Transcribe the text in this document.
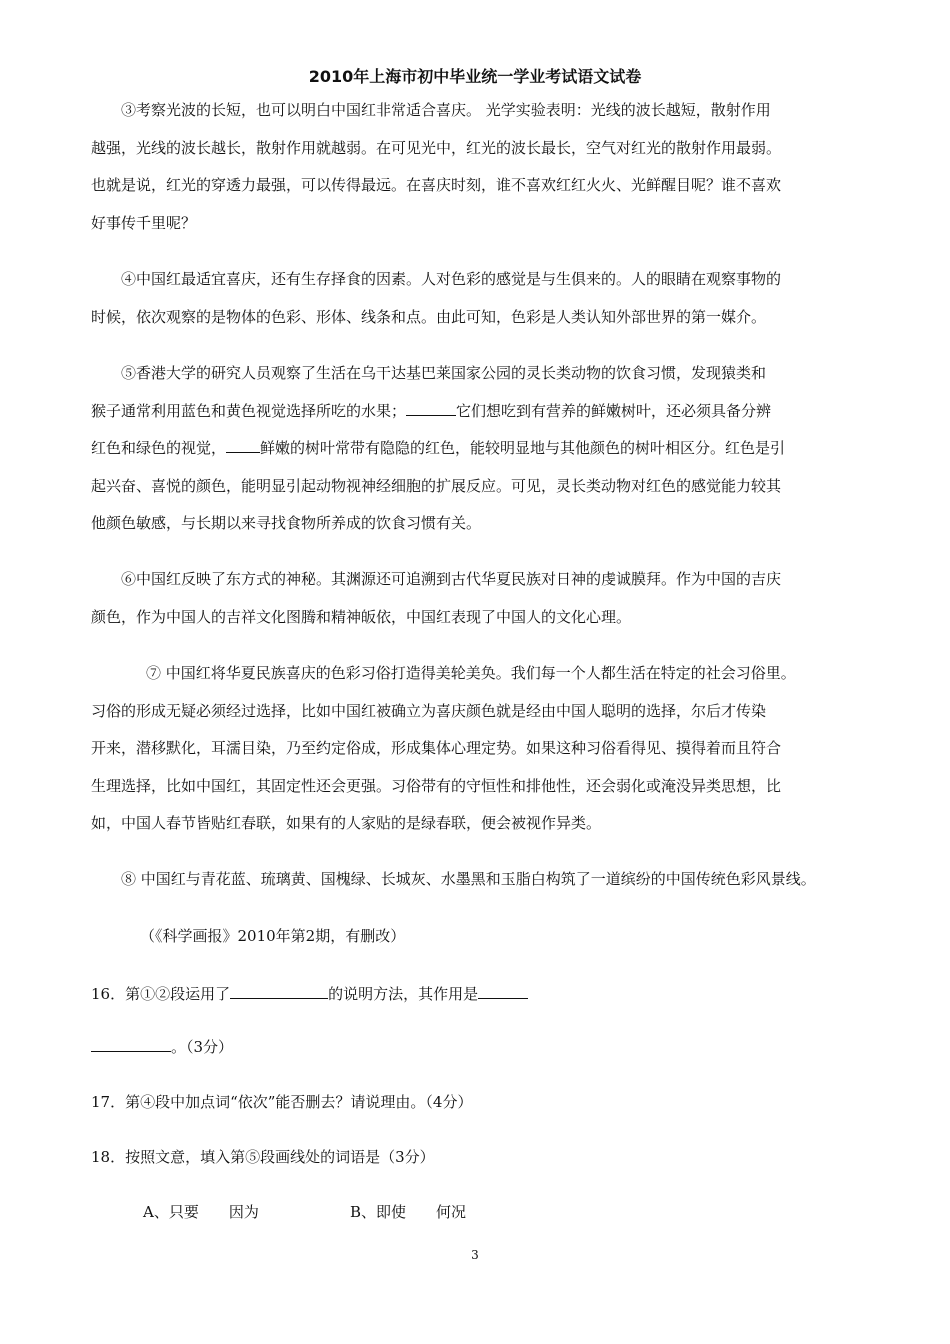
2010年上海市初中毕业统一学业考试语文试卷
③考察光波的长短，也可以明白中国红非常适合喜庆。 光学实验表明：光线的波长越短，散射作用
越强，光线的波长越长，散射作用就越弱。在可见光中，红光的波长最长，空气对红光的散射作用最弱。
也就是说，红光的穿透力最强，可以传得最远。在喜庆时刻，谁不喜欢红红火火、光鲜醒目呢？谁不喜欢
好事传千里呢？
④中国红最适宜喜庆，还有生存择食的因素。人对色彩的感觉是与生俱来的。人的眼睛在观察事物的
时候，依次观察的是物体的色彩、形体、线条和点。由此可知，色彩是人类认知外部世界的第一媒介。
⑤香港大学的研究人员观察了生活在乌干达基巴莱国家公园的灵长类动物的饮食习惯，发现猿类和
猴子通常利用蓝色和黄色视觉选择所吃的水果；	它们想吃到有营养的鲜嫩树叶，还必须具备分辨
红色和绿色的视觉， 鲜嫩的树叶常带有隐隐的红色，能较明显地与其他颜色的树叶相区分。红色是引
起兴奋、喜悦的颜色，能明显引起动物视神经细胞的扩展反应。可见，灵长类动物对红色的感觉能力较其
他颜色敏感，与长期以来寻找食物所养成的饮食习惯有关。
⑥中国红反映了东方式的神秘。其渊源还可追溯到古代华夏民族对日神的虔诚膜拜。作为中国的吉庆
颜色，作为中国人的吉祥文化图腾和精神皈依，中国红表现了中国人的文化心理。
⑦ 中国红将华夏民族喜庆的色彩习俗打造得美轮美奂。我们每一个人都生活在特定的社会习俗里。
习俗的形成无疑必须经过选择，比如中国红被确立为喜庆颜色就是经由中国人聪明的选择，尔后才传染
开来，潜移默化，耳濡目染，乃至约定俗成，形成集体心理定势。如果这种习俗看得见、摸得着而且符合
生理选择，比如中国红，其固定性还会更强。习俗带有的守恒性和排他性，还会弱化或淹没异类思想，比
如，中国人春节皆贴红春联，如果有的人家贴的是绿春联，便会被视作异类。
⑧ 中国红与青花蓝、琉璃黄、国槐绿、长城灰、水墨黑和玉脂白构筑了一道缤纷的中国传统色彩风景线。
（《科学画报》2010年第2期，有删改）
16．第①②段运用了	的说明方法，其作用是
。（3分）
17．第④段中加点词“依次”能否删去？请说理由。（4分）
18．按照文意，填入第⑤段画线处的词语是（3分）
A、只要　　因为	B、即使　　何况
3
